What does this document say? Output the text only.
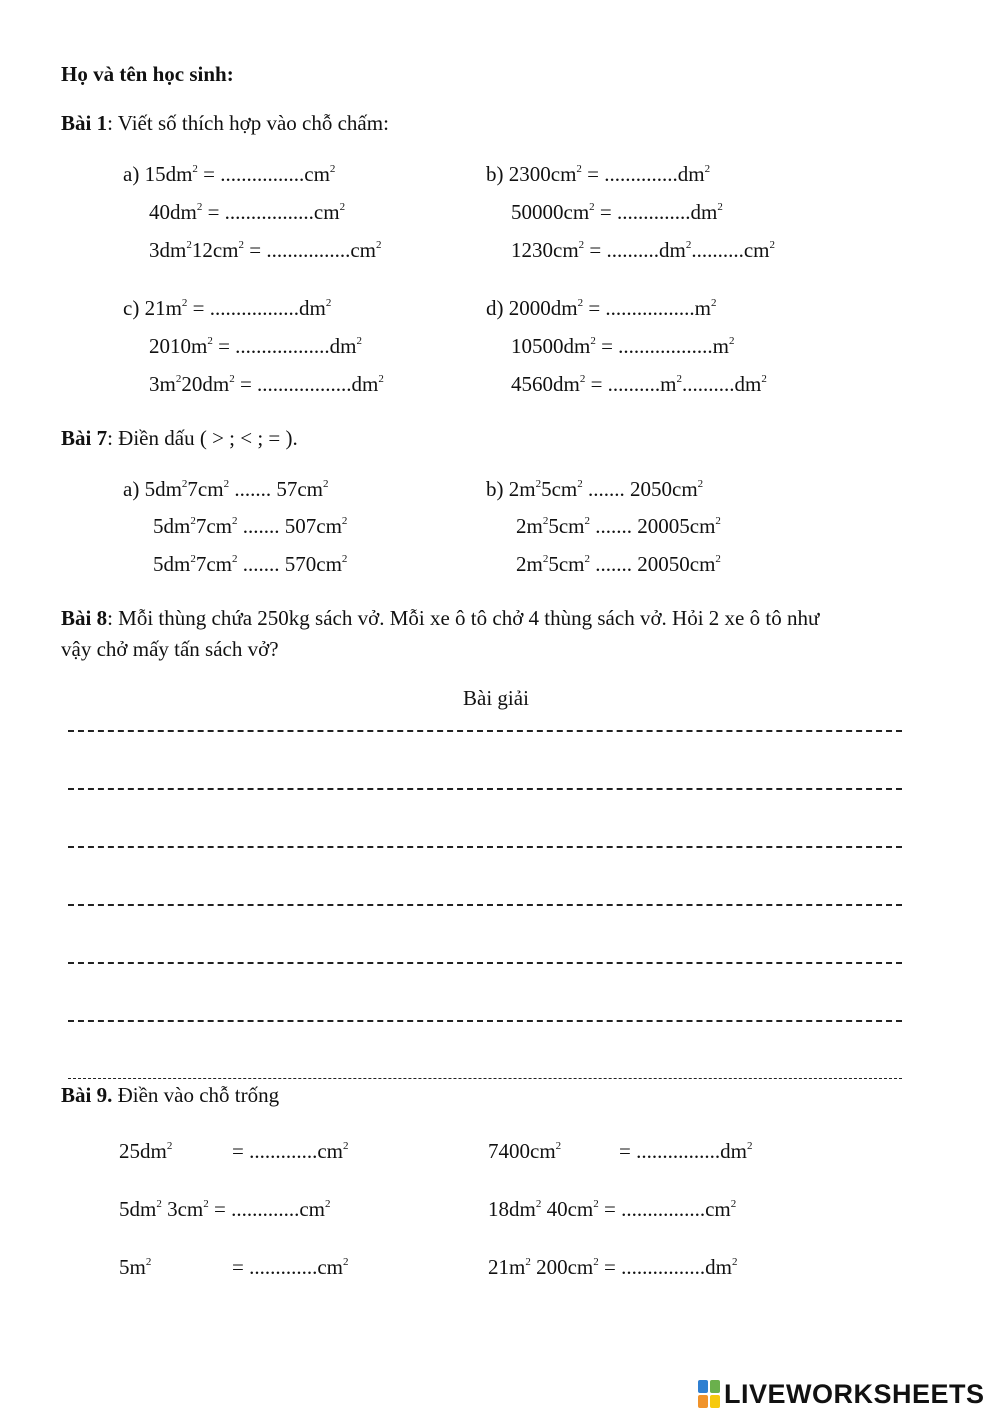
Họ và tên học sinh:
Bài 1: Viết số thích hợp vào chỗ chấm:
a) $15dm^2 = ................cm^2$
$40dm^2 = .................cm^2$
$3dm^212cm^2 = ................cm^2$
b) $2300cm^2 = ..............dm^2$
$50000cm^2 = ..............dm^2$
$1230cm^2 = ..........dm^2..........cm^2$
c) $21m^2 = .................dm^2$
$2010m^2 = ..................dm^2$
$3m^220dm^2 = ..................dm^2$
d) $2000dm^2 = .................m^2$
$10500dm^2 = ..................m^2$
$4560dm^2 = ..........m^2..........dm^2$
Bài 7: Điền dấu ( > ; < ; = ).
a) $5dm^27cm^2$ ....... $57cm^2$
$5dm^27cm^2$ ....... $507cm^2$
$5dm^27cm^2$ ....... $570cm^2$
b) $2m^25cm^2$ ....... $2050cm^2$
$2m^25cm^2$ ....... $20005cm^2$
$2m^25cm^2$ ....... $20050cm^2$
Bài 8: Mỗi thùng chứa 250kg sách vở. Mỗi xe ô tô chở 4 thùng sách vở. Hỏi 2 xe ô tô như
vậy chở mấy tấn sách vở?
Bài giải
Bài 9. Điền vào chỗ trống
$25dm^2$	= $.............cm^2$	$7400cm^2$	= $................dm^2$
$5dm^2$ $3cm^2 = .............cm^2$	$18dm^2$ $40cm^2 = ................cm^2$
$5m^2$	= $.............cm^2$	$21m^2$ $200cm^2 = ................dm^2$
LIVEWORKSHEETS
